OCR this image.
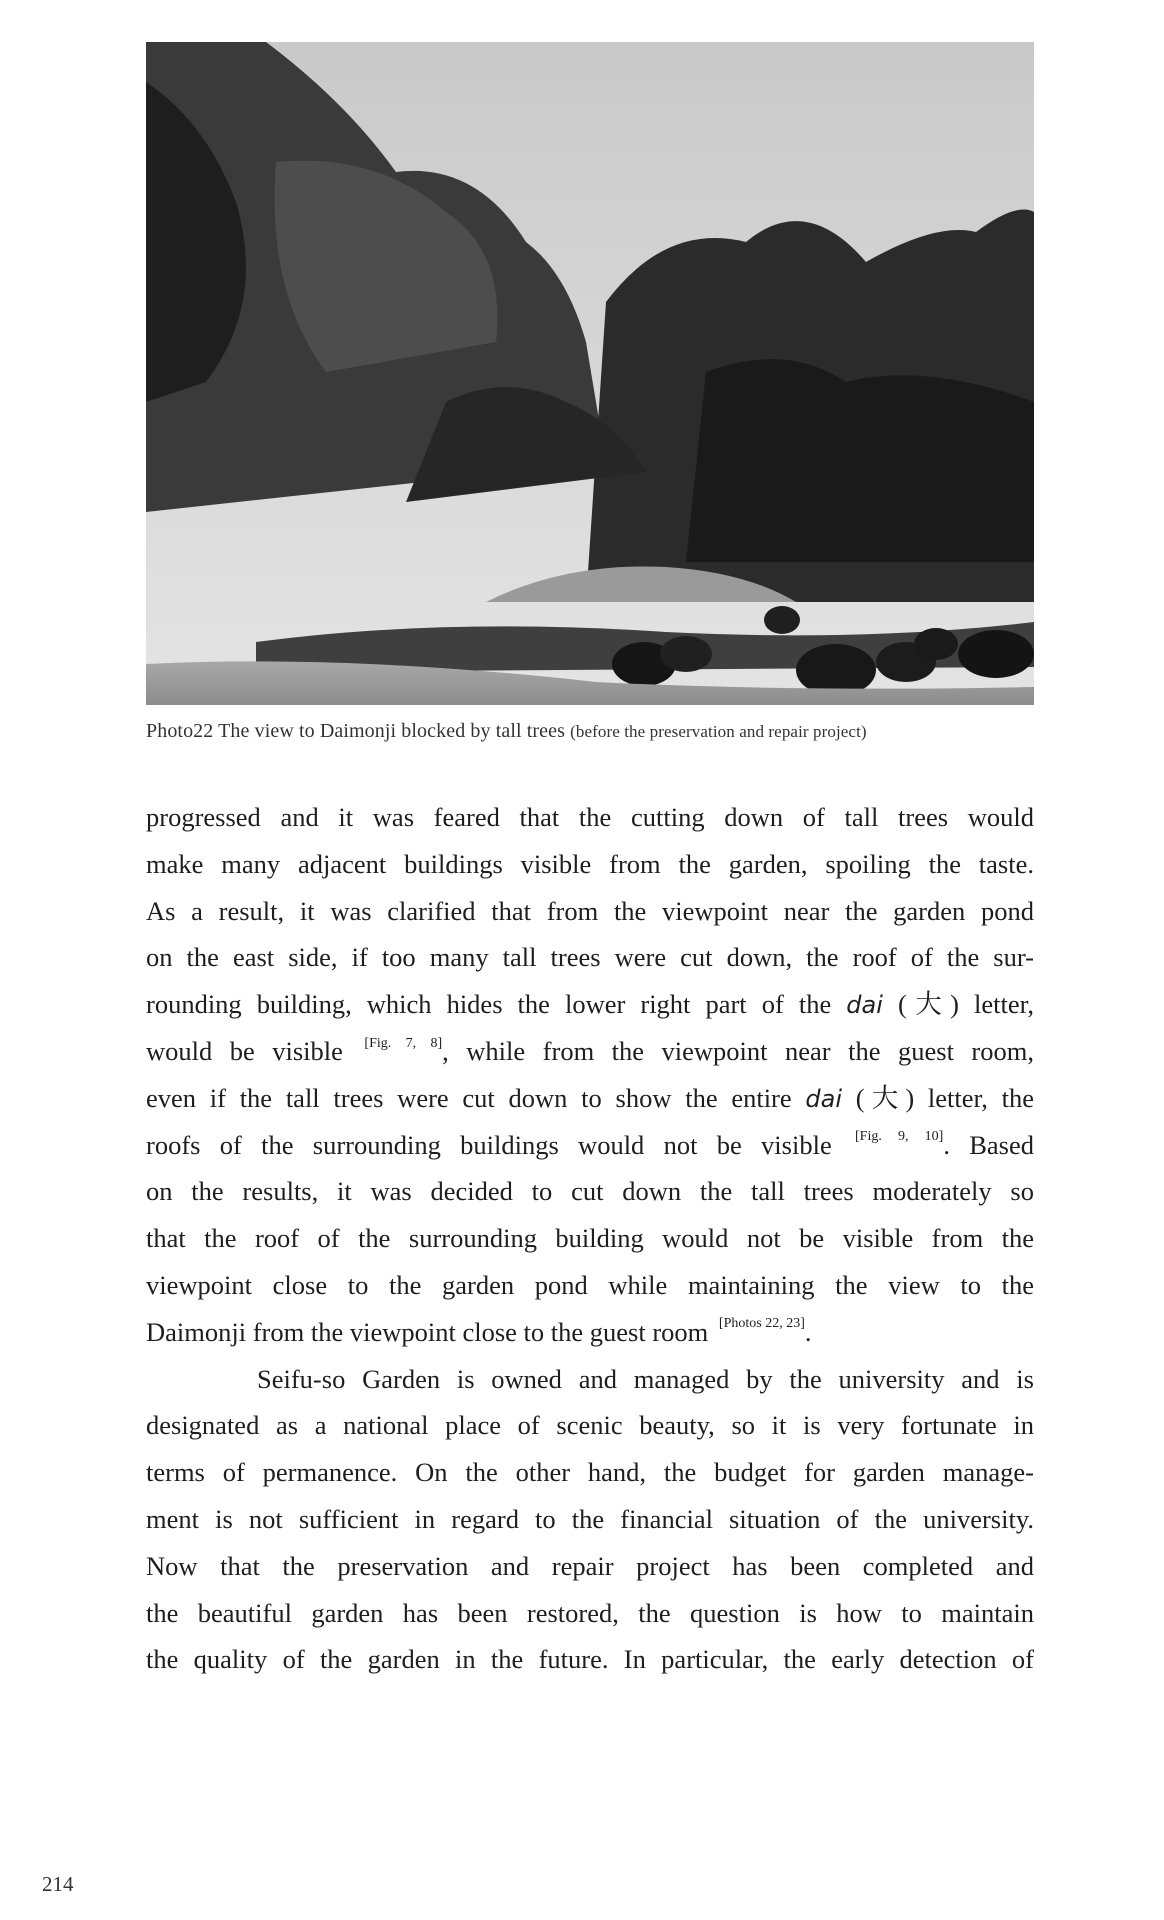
Photo22 The view to Daimonji blocked by tall trees (before the preservation and repair project)
progressed and it was feared that the cutting down of tall trees would
make many adjacent buildings visible from the garden, spoiling the taste.
As a result, it was clarified that from the viewpoint near the garden pond
on the east side, if too many tall trees were cut down, the roof of the sur-
rounding building, which hides the lower right part of the dai (大) letter,
would be visible [Fig. 7, 8], while from the viewpoint near the guest room,
even if the tall trees were cut down to show the entire dai (大) letter, the
roofs of the surrounding buildings would not be visible [Fig. 9, 10]. Based
on the results, it was decided to cut down the tall trees moderately so
that the roof of the surrounding building would not be visible from the
viewpoint close to the garden pond while maintaining the view to the
Daimonji from the viewpoint close to the guest room [Photos 22, 23].
Seifu-so Garden is owned and managed by the university and is
designated as a national place of scenic beauty, so it is very fortunate in
terms of permanence. On the other hand, the budget for garden manage-
ment is not sufficient in regard to the financial situation of the university.
Now that the preservation and repair project has been completed and
the beautiful garden has been restored, the question is how to maintain
the quality of the garden in the future. In particular, the early detection of
214
